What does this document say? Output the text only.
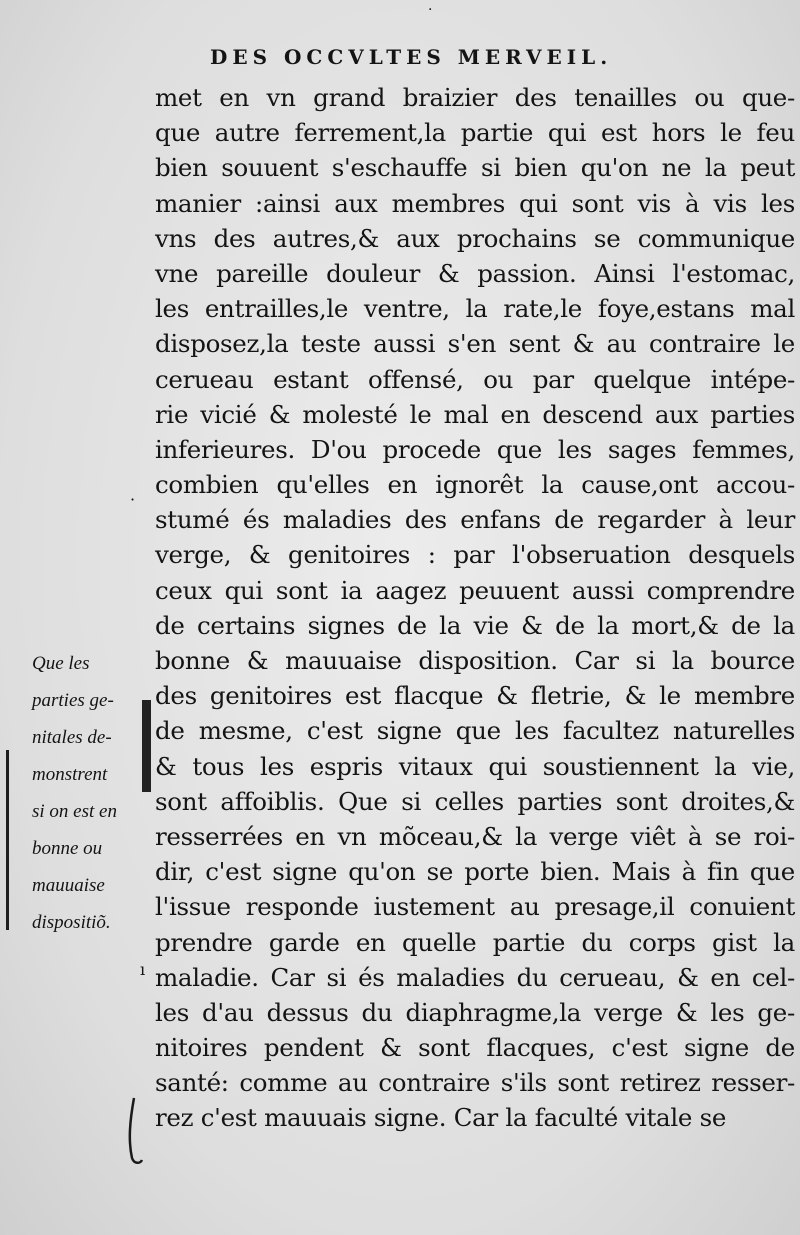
·
DES OCCVLTES MERVEIL.
met en vn grand braizier des tenailles ou que-
que autre ferrement,la partie qui est hors le feu
bien souuent s'eschauffe si bien qu'on ne la peut
manier :ainsi aux membres qui sont vis à vis les
vns des autres,& aux prochains se communique
vne pareille douleur & passion. Ainsi l'estomac,
les entrailles,le ventre, la rate,le foye,estans mal
disposez,la teste aussi s'en sent & au contraire le
cerueau estant offensé, ou par quelque intépe-
rie vicié & molesté le mal en descend aux parties
inferieures. D'ou procede que les sages femmes,
combien qu'elles en ignorêt la cause,ont accou-
stumé és maladies des enfans de regarder à leur
verge, & genitoires : par l'obseruation desquels
ceux qui sont ia aagez peuuent aussi comprendre
de certains signes de la vie & de la mort,& de la
bonne & mauuaise disposition. Car si la bource
des genitoires est flacque & fletrie, & le membre
de mesme, c'est signe que les facultez naturelles
& tous les espris vitaux qui soustiennent la vie,
sont affoiblis. Que si celles parties sont droites,&
resserrées en vn mõceau,& la verge viêt à se roi-
dir, c'est signe qu'on se porte bien. Mais à fin que
l'issue responde iustement au presage,il conuient
prendre garde en quelle partie du corps gist la
maladie. Car si és maladies du cerueau, & en cel-
les d'au dessus du diaphragme,la verge & les ge-
nitoires pendent & sont flacques, c'est signe de
santé: comme au contraire s'ils sont retirez resser-
rez c'est mauuais signe. Car la faculté vitale se
Que les
parties ge-
nitales de-
monstrent
si on est en
bonne ou
mauuaise
dispositiõ.
·
ı
